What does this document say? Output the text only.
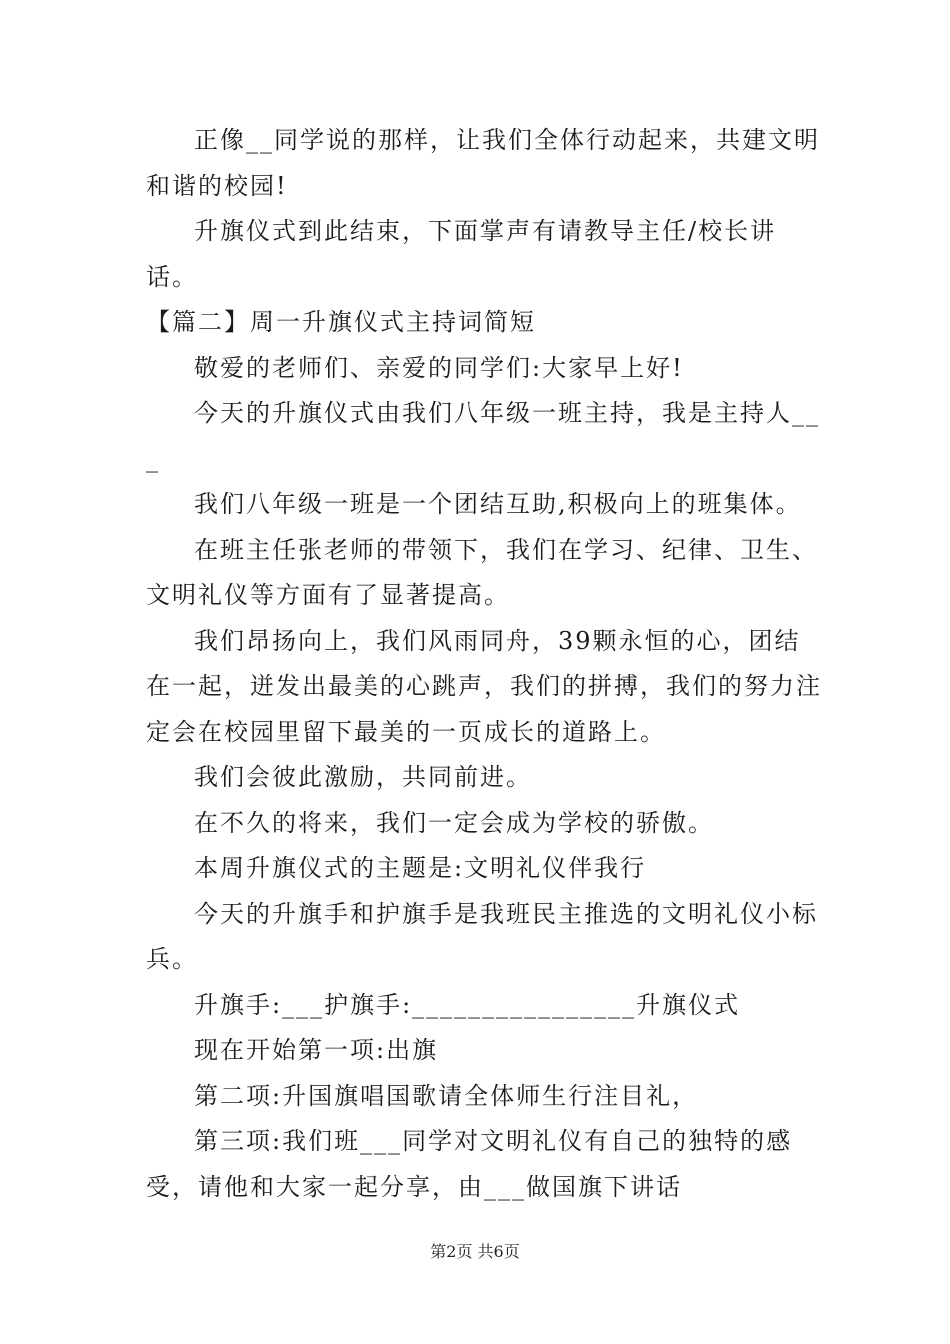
正像__同学说的那样，让我们全体行动起来，共建文明和谐的校园!

升旗仪式到此结束，下面掌声有请教导主任/校长讲话。

【篇二】周一升旗仪式主持词简短

敬爱的老师们、亲爱的同学们:大家早上好!

今天的升旗仪式由我们八年级一班主持，我是主持人___

我们八年级一班是一个团结互助,积极向上的班集体。

在班主任张老师的带领下，我们在学习、纪律、卫生、文明礼仪等方面有了显著提高。

我们昂扬向上，我们风雨同舟，39颗永恒的心，团结在一起，迸发出最美的心跳声，我们的拼搏，我们的努力注定会在校园里留下最美的一页成长的道路上。

我们会彼此激励，共同前进。

在不久的将来，我们一定会成为学校的骄傲。

本周升旗仪式的主题是:文明礼仪伴我行

今天的升旗手和护旗手是我班民主推选的文明礼仪小标兵。

升旗手:___护旗手:________________升旗仪式

现在开始第一项:出旗

第二项:升国旗唱国歌请全体师生行注目礼，

第三项:我们班___同学对文明礼仪有自己的独特的感受，请他和大家一起分享，由___做国旗下讲话

第2页 共6页
